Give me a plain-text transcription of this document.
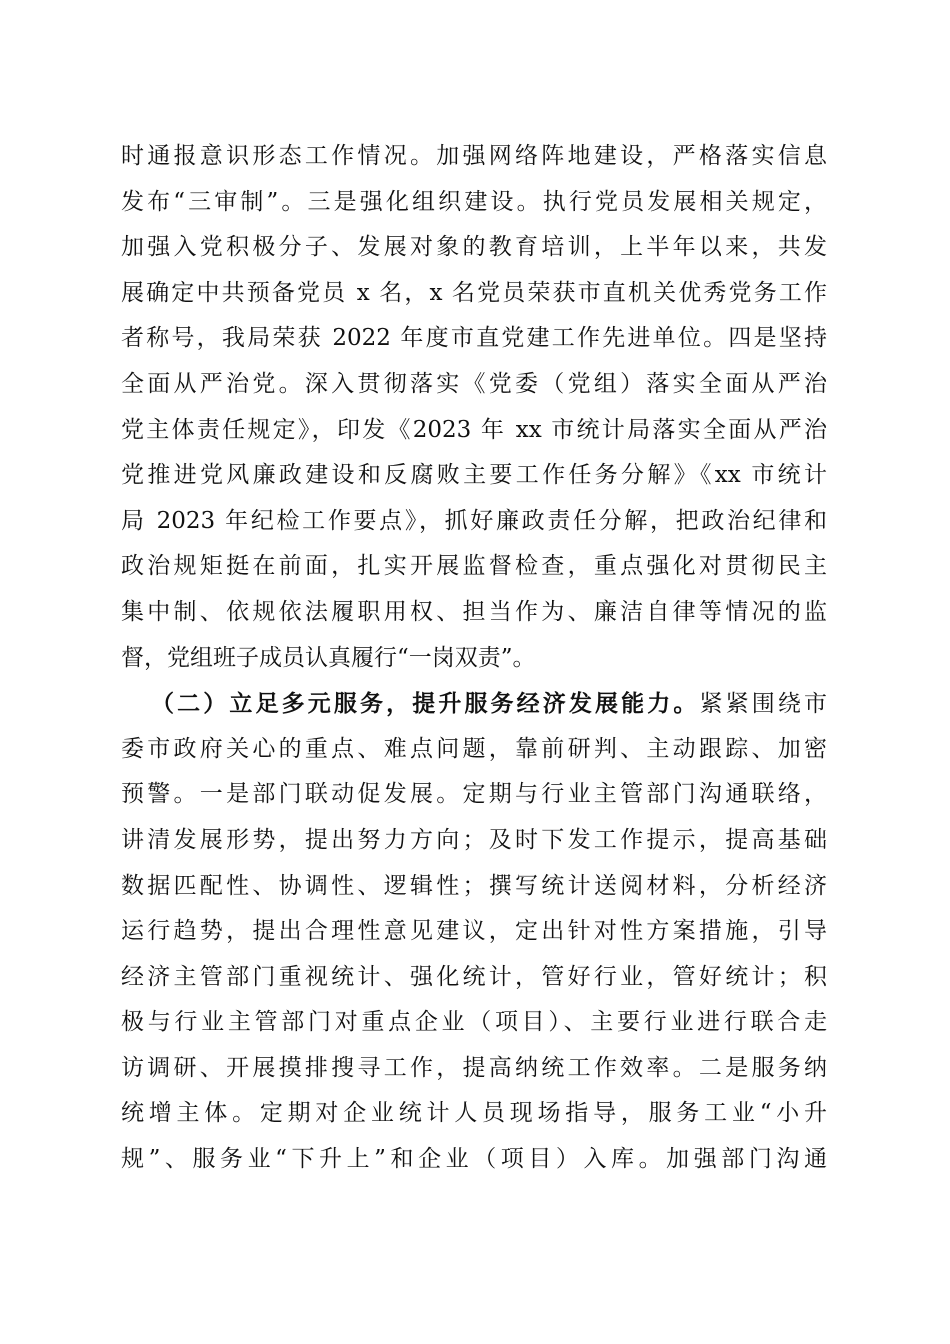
时通报意识形态工作情况。加强网络阵地建设，严格落实信息
发布“三审制”。三是强化组织建设。执行党员发展相关规定，
加强入党积极分子、发展对象的教育培训，上半年以来，共发
展确定中共预备党员 x 名，x 名党员荣获市直机关优秀党务工作
者称号，我局荣获 2022 年度市直党建工作先进单位。四是坚持
全面从严治党。深入贯彻落实《党委（党组）落实全面从严治
党主体责任规定》，印发《2023 年 xx 市统计局落实全面从严治
党推进党风廉政建设和反腐败主要工作任务分解》《xx 市统计
局 2023 年纪检工作要点》，抓好廉政责任分解，把政治纪律和
政治规矩挺在前面，扎实开展监督检查，重点强化对贯彻民主
集中制、依规依法履职用权、担当作为、廉洁自律等情况的监
督，党组班子成员认真履行“一岗双责”。
（二）立足多元服务，提升服务经济发展能力。紧紧围绕市
委市政府关心的重点、难点问题，靠前研判、主动跟踪、加密
预警。一是部门联动促发展。定期与行业主管部门沟通联络，
讲清发展形势，提出努力方向；及时下发工作提示，提高基础
数据匹配性、协调性、逻辑性；撰写统计送阅材料，分析经济
运行趋势，提出合理性意见建议，定出针对性方案措施，引导
经济主管部门重视统计、强化统计，管好行业，管好统计；积
极与行业主管部门对重点企业（项目）、主要行业进行联合走
访调研、开展摸排搜寻工作，提高纳统工作效率。二是服务纳
统增主体。定期对企业统计人员现场指导，服务工业“小升
规”、服务业“下升上”和企业（项目）入库。加强部门沟通
